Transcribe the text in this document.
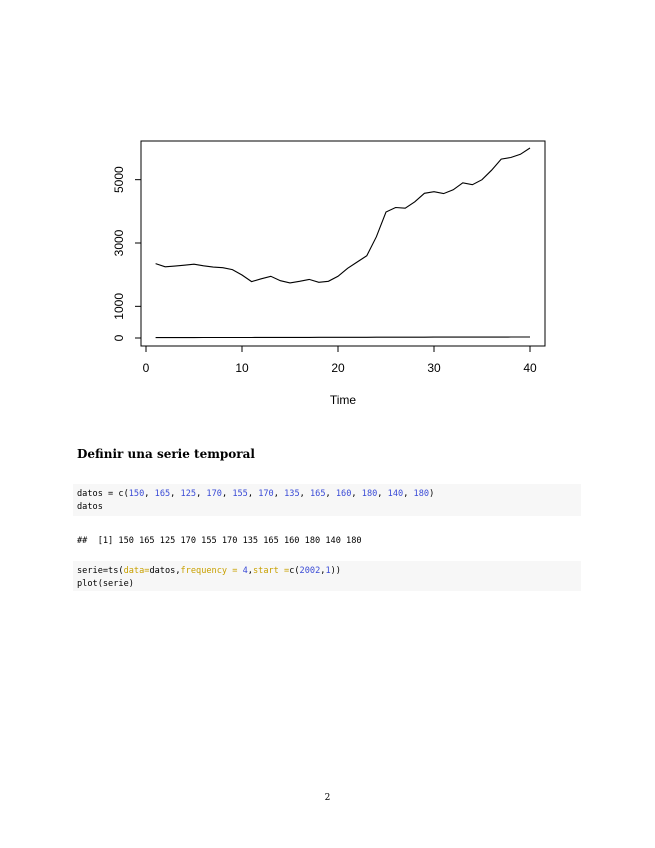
0	10	20	30	40
0
1000
3000
5000
Time
Definir una serie temporal
datos = c(150, 165, 125, 170, 155, 170, 135, 165, 160, 180, 140, 180)
datos
##  [1] 150 165 125 170 155 170 135 165 160 180 140 180
serie=ts(data=datos,frequency = 4,start =c(2002,1))
plot(serie)
2
